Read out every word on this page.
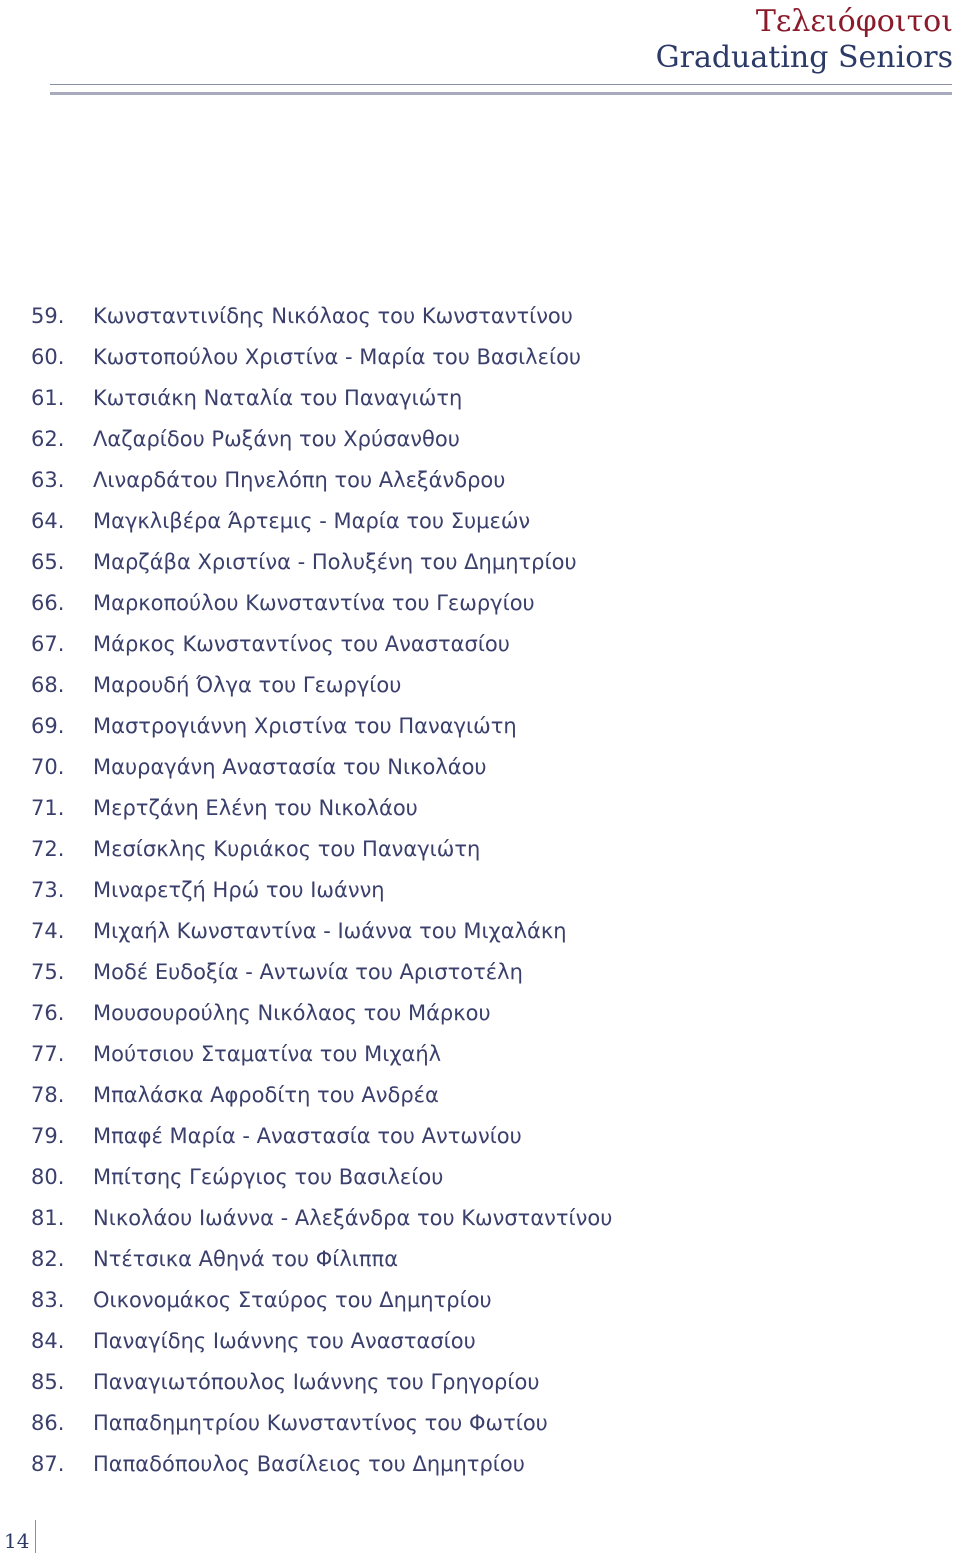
Τελειόφοιτοι
Graduating Seniors
59.	Κωνσταντινίδης Νικόλαος του Κωνσταντίνου
60.	Κωστοπούλου Χριστίνα - Μαρία του Βασιλείου
61.	Κωτσιάκη Ναταλία του Παναγιώτη
62.	Λαζαρίδου Ρωξάνη του Χρύσανθου
63.	Λιναρδάτου Πηνελόπη του Αλεξάνδρου
64.	Μαγκλιβέρα Άρτεμις - Μαρία του Συμεών
65.	Μαρζάβα Χριστίνα - Πολυξένη του Δημητρίου
66.	Μαρκοπούλου Κωνσταντίνα του Γεωργίου
67.	Μάρκος Κωνσταντίνος του Αναστασίου
68.	Μαρουδή Όλγα του Γεωργίου
69.	Μαστρογιάννη Χριστίνα του Παναγιώτη
70.	Μαυραγάνη Αναστασία του Νικολάου
71.	Μερτζάνη Ελένη του Νικολάου
72.	Μεσίσκλης Κυριάκος του Παναγιώτη
73.	Μιναρετζή Ηρώ του Ιωάννη
74.	Μιχαήλ Κωνσταντίνα - Ιωάννα του Μιχαλάκη
75.	Μοδέ Ευδοξία - Αντωνία του Αριστοτέλη
76.	Μουσουρούλης Νικόλαος του Μάρκου
77.	Μούτσιου Σταματίνα του Μιχαήλ
78.	Μπαλάσκα Αφροδίτη του Ανδρέα
79.	Μπαφέ Μαρία - Αναστασία του Αντωνίου
80.	Μπίτσης Γεώργιος του Βασιλείου
81.	Νικολάου Ιωάννα - Αλεξάνδρα του Κωνσταντίνου
82.	Ντέτσικα Αθηνά του Φίλιππα
83.	Οικονομάκος Σταύρος του Δημητρίου
84.	Παναγίδης Ιωάννης του Αναστασίου
85.	Παναγιωτόπουλος Ιωάννης του Γρηγορίου
86.	Παπαδημητρίου Κωνσταντίνος του Φωτίου
87.	Παπαδόπουλος Βασίλειος του Δημητρίου
14
